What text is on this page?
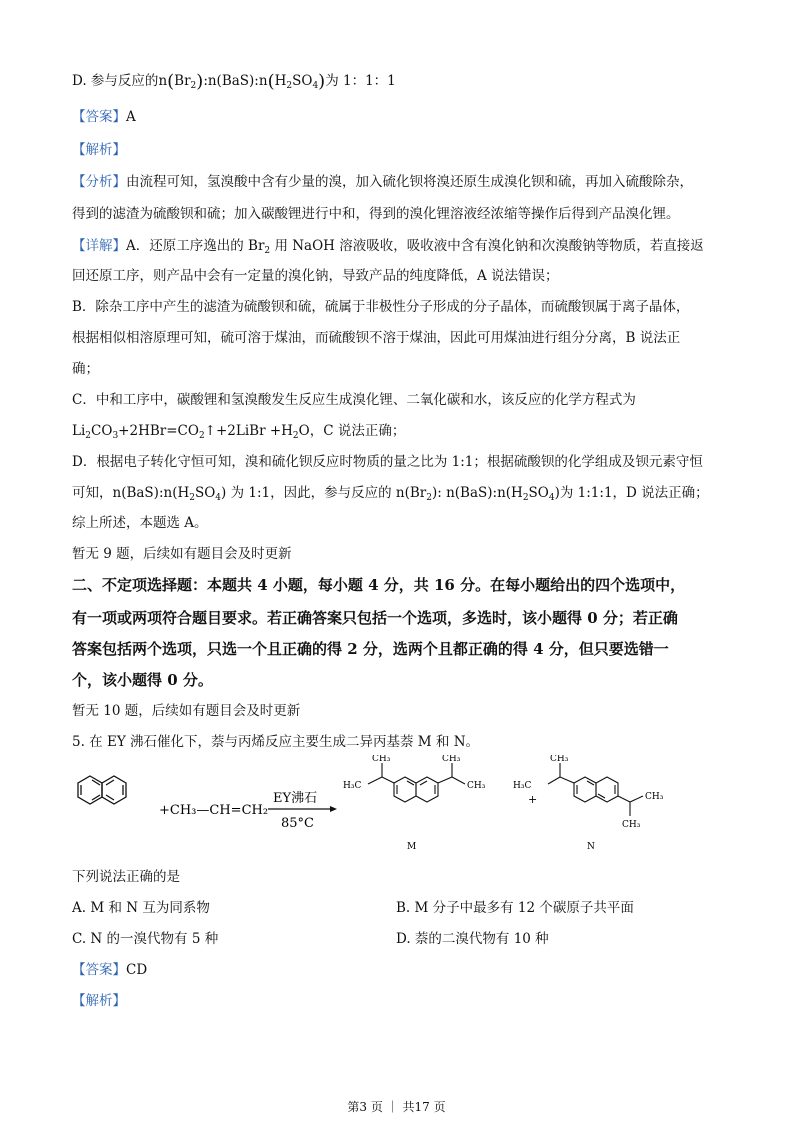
D. 参与反应的$n(Br_2):n(BaS):n(H_2SO_4)$为 1：1：1
【答案】A
【解析】
【分析】由流程可知，氢溴酸中含有少量的溴，加入硫化钡将溴还原生成溴化钡和硫，再加入硫酸除杂，
得到的滤渣为硫酸钡和硫；加入碳酸锂进行中和，得到的溴化锂溶液经浓缩等操作后得到产品溴化锂。
【详解】A．还原工序逸出的 $Br_2$ 用 NaOH 溶液吸收，吸收液中含有溴化钠和次溴酸钠等物质，若直接返
回还原工序，则产品中会有一定量的溴化钠，导致产品的纯度降低，A 说法错误；
B．除杂工序中产生的滤渣为硫酸钡和硫，硫属于非极性分子形成的分子晶体，而硫酸钡属于离子晶体，
根据相似相溶原理可知，硫可溶于煤油，而硫酸钡不溶于煤油，因此可用煤油进行组分分离，B 说法正
确；
C．中和工序中，碳酸锂和氢溴酸发生反应生成溴化锂、二氧化碳和水，该反应的化学方程式为
$Li_2CO_3+2HBr=CO_2↑+2LiBr +H_2O$，C 说法正确；
D．根据电子转化守恒可知，溴和硫化钡反应时物质的量之比为 1:1；根据硫酸钡的化学组成及钡元素守恒
可知，$n(BaS):n(H_2SO_4)$ 为 1:1，因此，参与反应的 $n(Br_2)$: $n(BaS):n(H_2SO_4)$为 1:1:1，D 说法正确；
综上所述，本题选 A。
暂无 9 题，后续如有题目会及时更新
二、不定项选择题：本题共 4 小题，每小题 4 分，共 16 分。在每小题给出的四个选项中，
有一项或两项符合题目要求。若正确答案只包括一个选项，多选时，该小题得 0 分；若正确
答案包括两个选项，只选一个且正确的得 2 分，选两个且都正确的得 4 分，但只要选错一
个，该小题得 0 分。
暂无 10 题，后续如有题目会及时更新
5. 在 EY 沸石催化下，萘与丙烯反应主要生成二异丙基萘 M 和 N。
+CH₃—CH=CH₂
EY沸石
85°C
CH₃	CH₃
H₃C	CH₃
M
+
CH₃
H₃C
CH₃
CH₃
N
下列说法正确的是
A. M 和 N 互为同系物	B. M 分子中最多有 12 个碳原子共平面
C. N 的一溴代物有 5 种	D. 萘的二溴代物有 10 种
【答案】CD
【解析】
第3 页 ｜ 共17 页
